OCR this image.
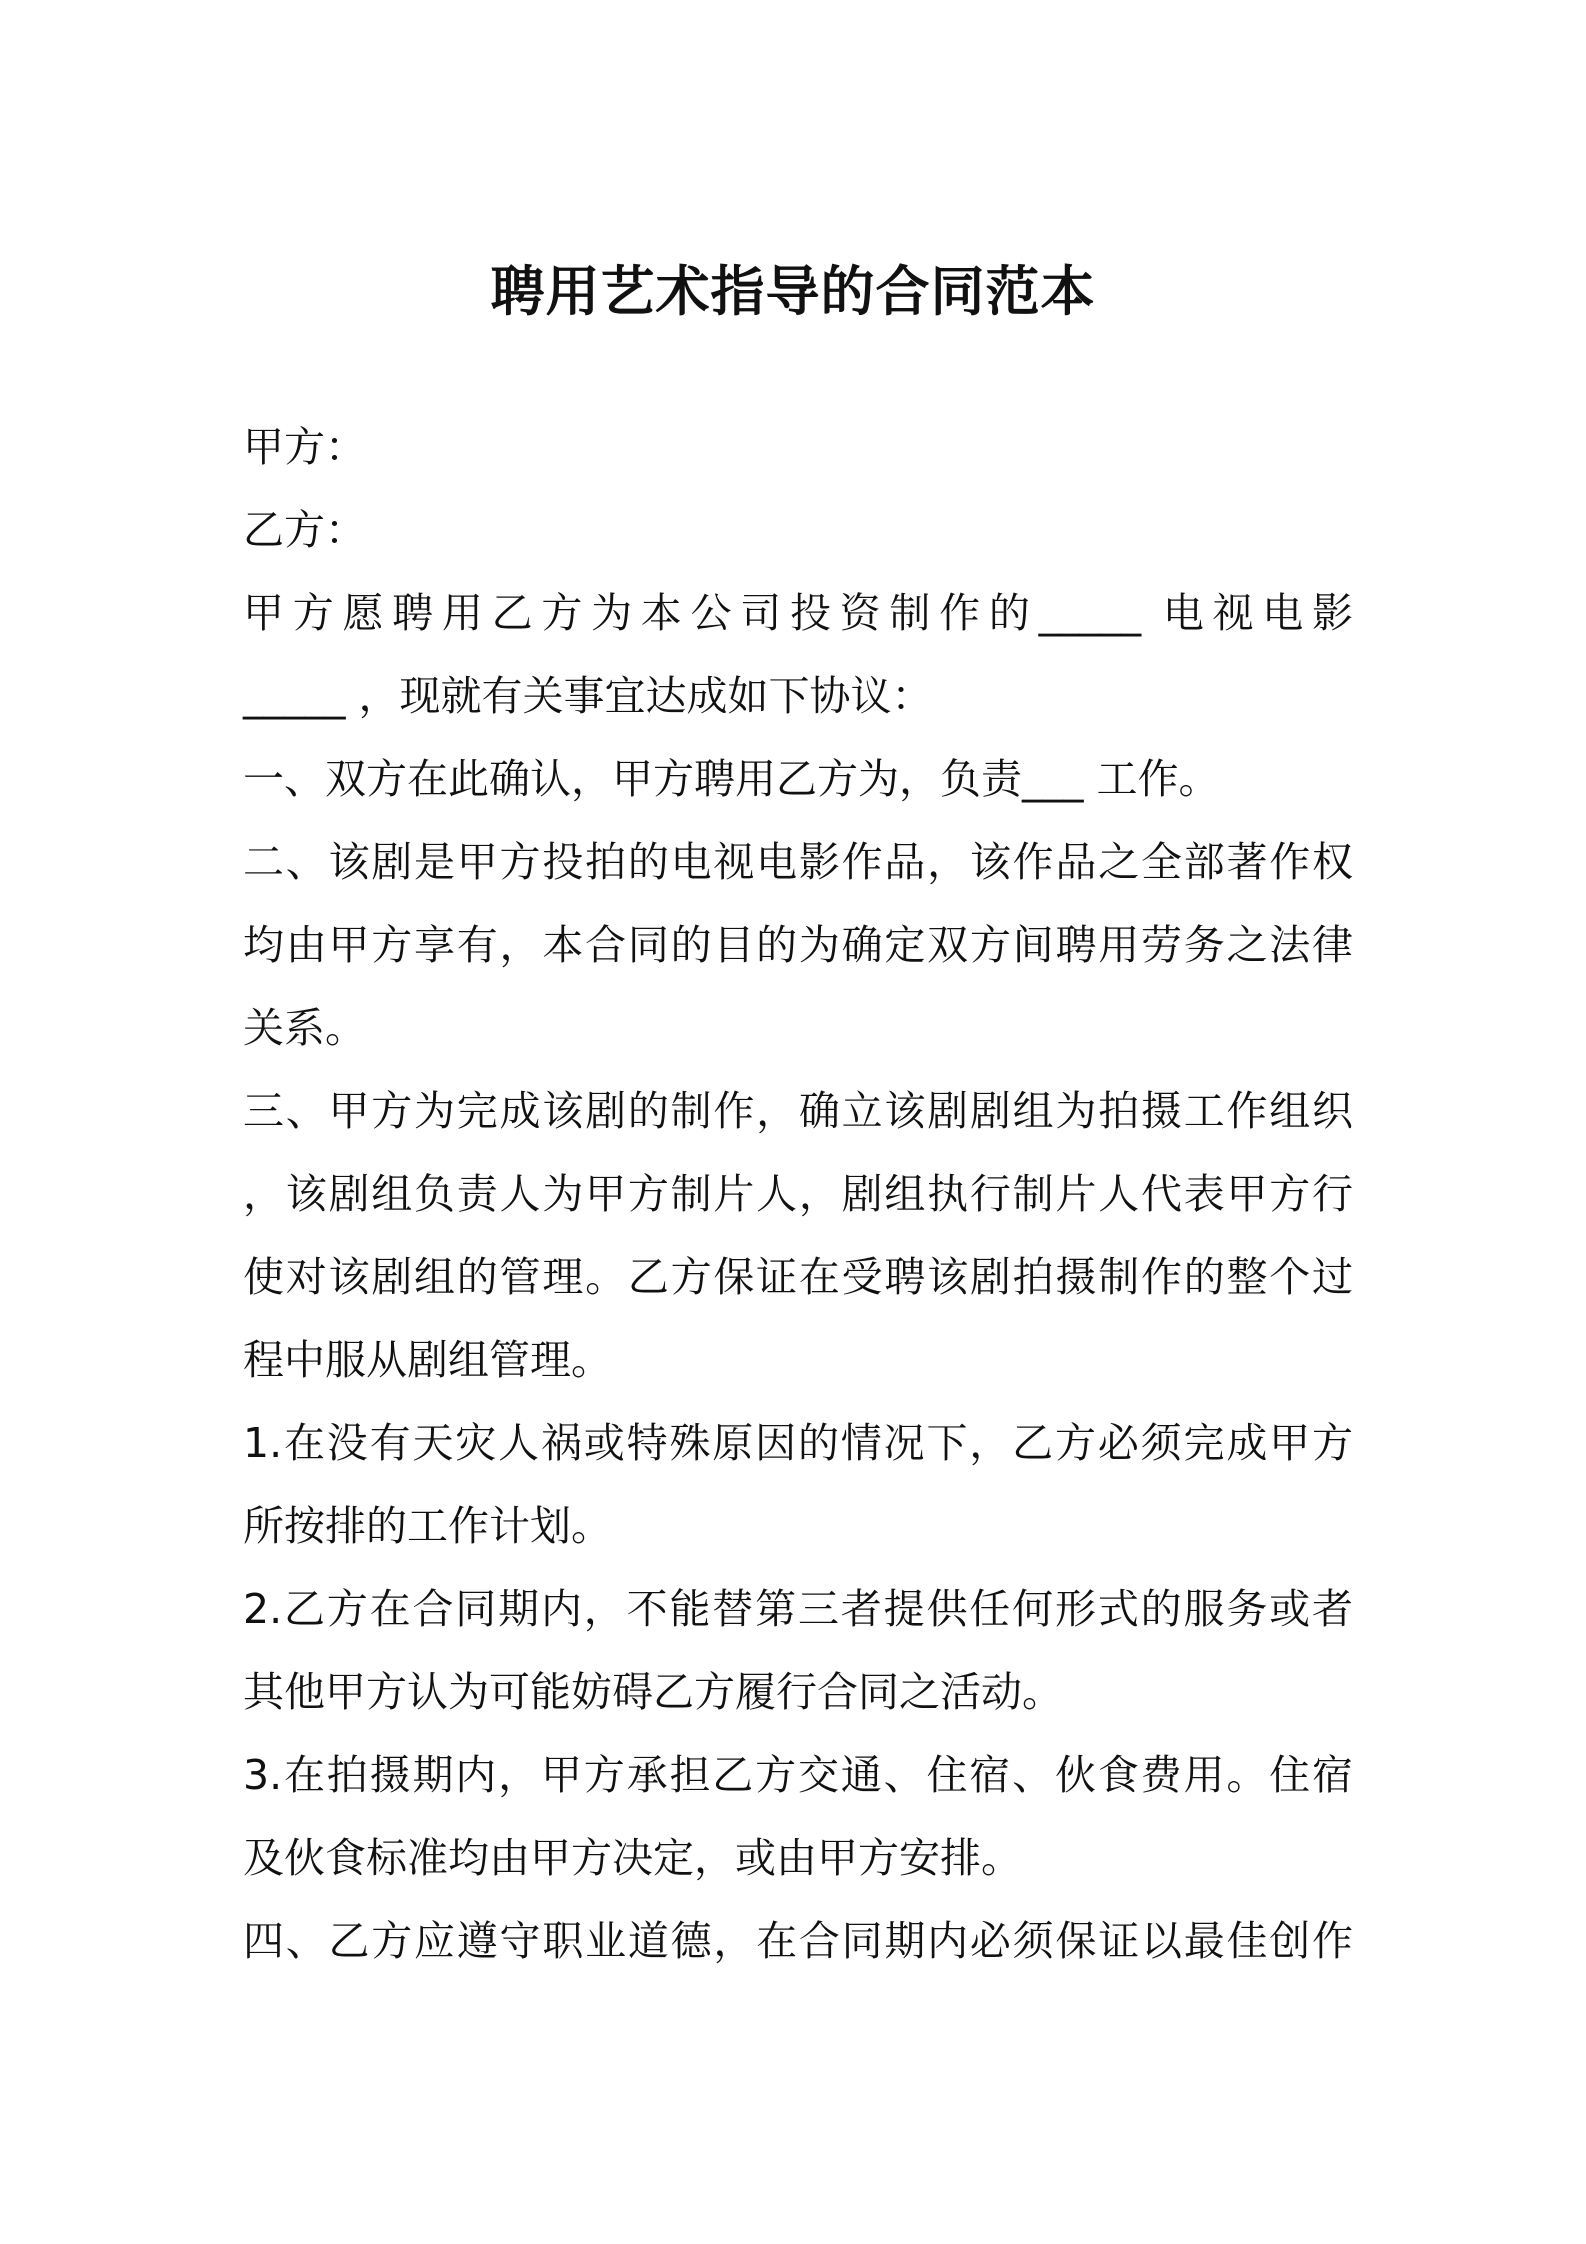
聘用艺术指导的合同范本
甲方：
乙方：
甲方愿聘用乙方为本公司投资制作的_____ 电视电影
_____ ，现就有关事宜达成如下协议：
一、双方在此确认，甲方聘用乙方为，负责___ 工作。
二、该剧是甲方投拍的电视电影作品，该作品之全部著作权
均由甲方享有，本合同的目的为确定双方间聘用劳务之法律
关系。
三、甲方为完成该剧的制作，确立该剧剧组为拍摄工作组织
，该剧组负责人为甲方制片人，剧组执行制片人代表甲方行
使对该剧组的管理。乙方保证在受聘该剧拍摄制作的整个过
程中服从剧组管理。
1.在没有天灾人祸或特殊原因的情况下，乙方必须完成甲方
所按排的工作计划。
2.乙方在合同期内，不能替第三者提供任何形式的服务或者
其他甲方认为可能妨碍乙方履行合同之活动。
3.在拍摄期内，甲方承担乙方交通、住宿、伙食费用。住宿
及伙食标准均由甲方决定，或由甲方安排。
四、乙方应遵守职业道德，在合同期内必须保证以最佳创作
